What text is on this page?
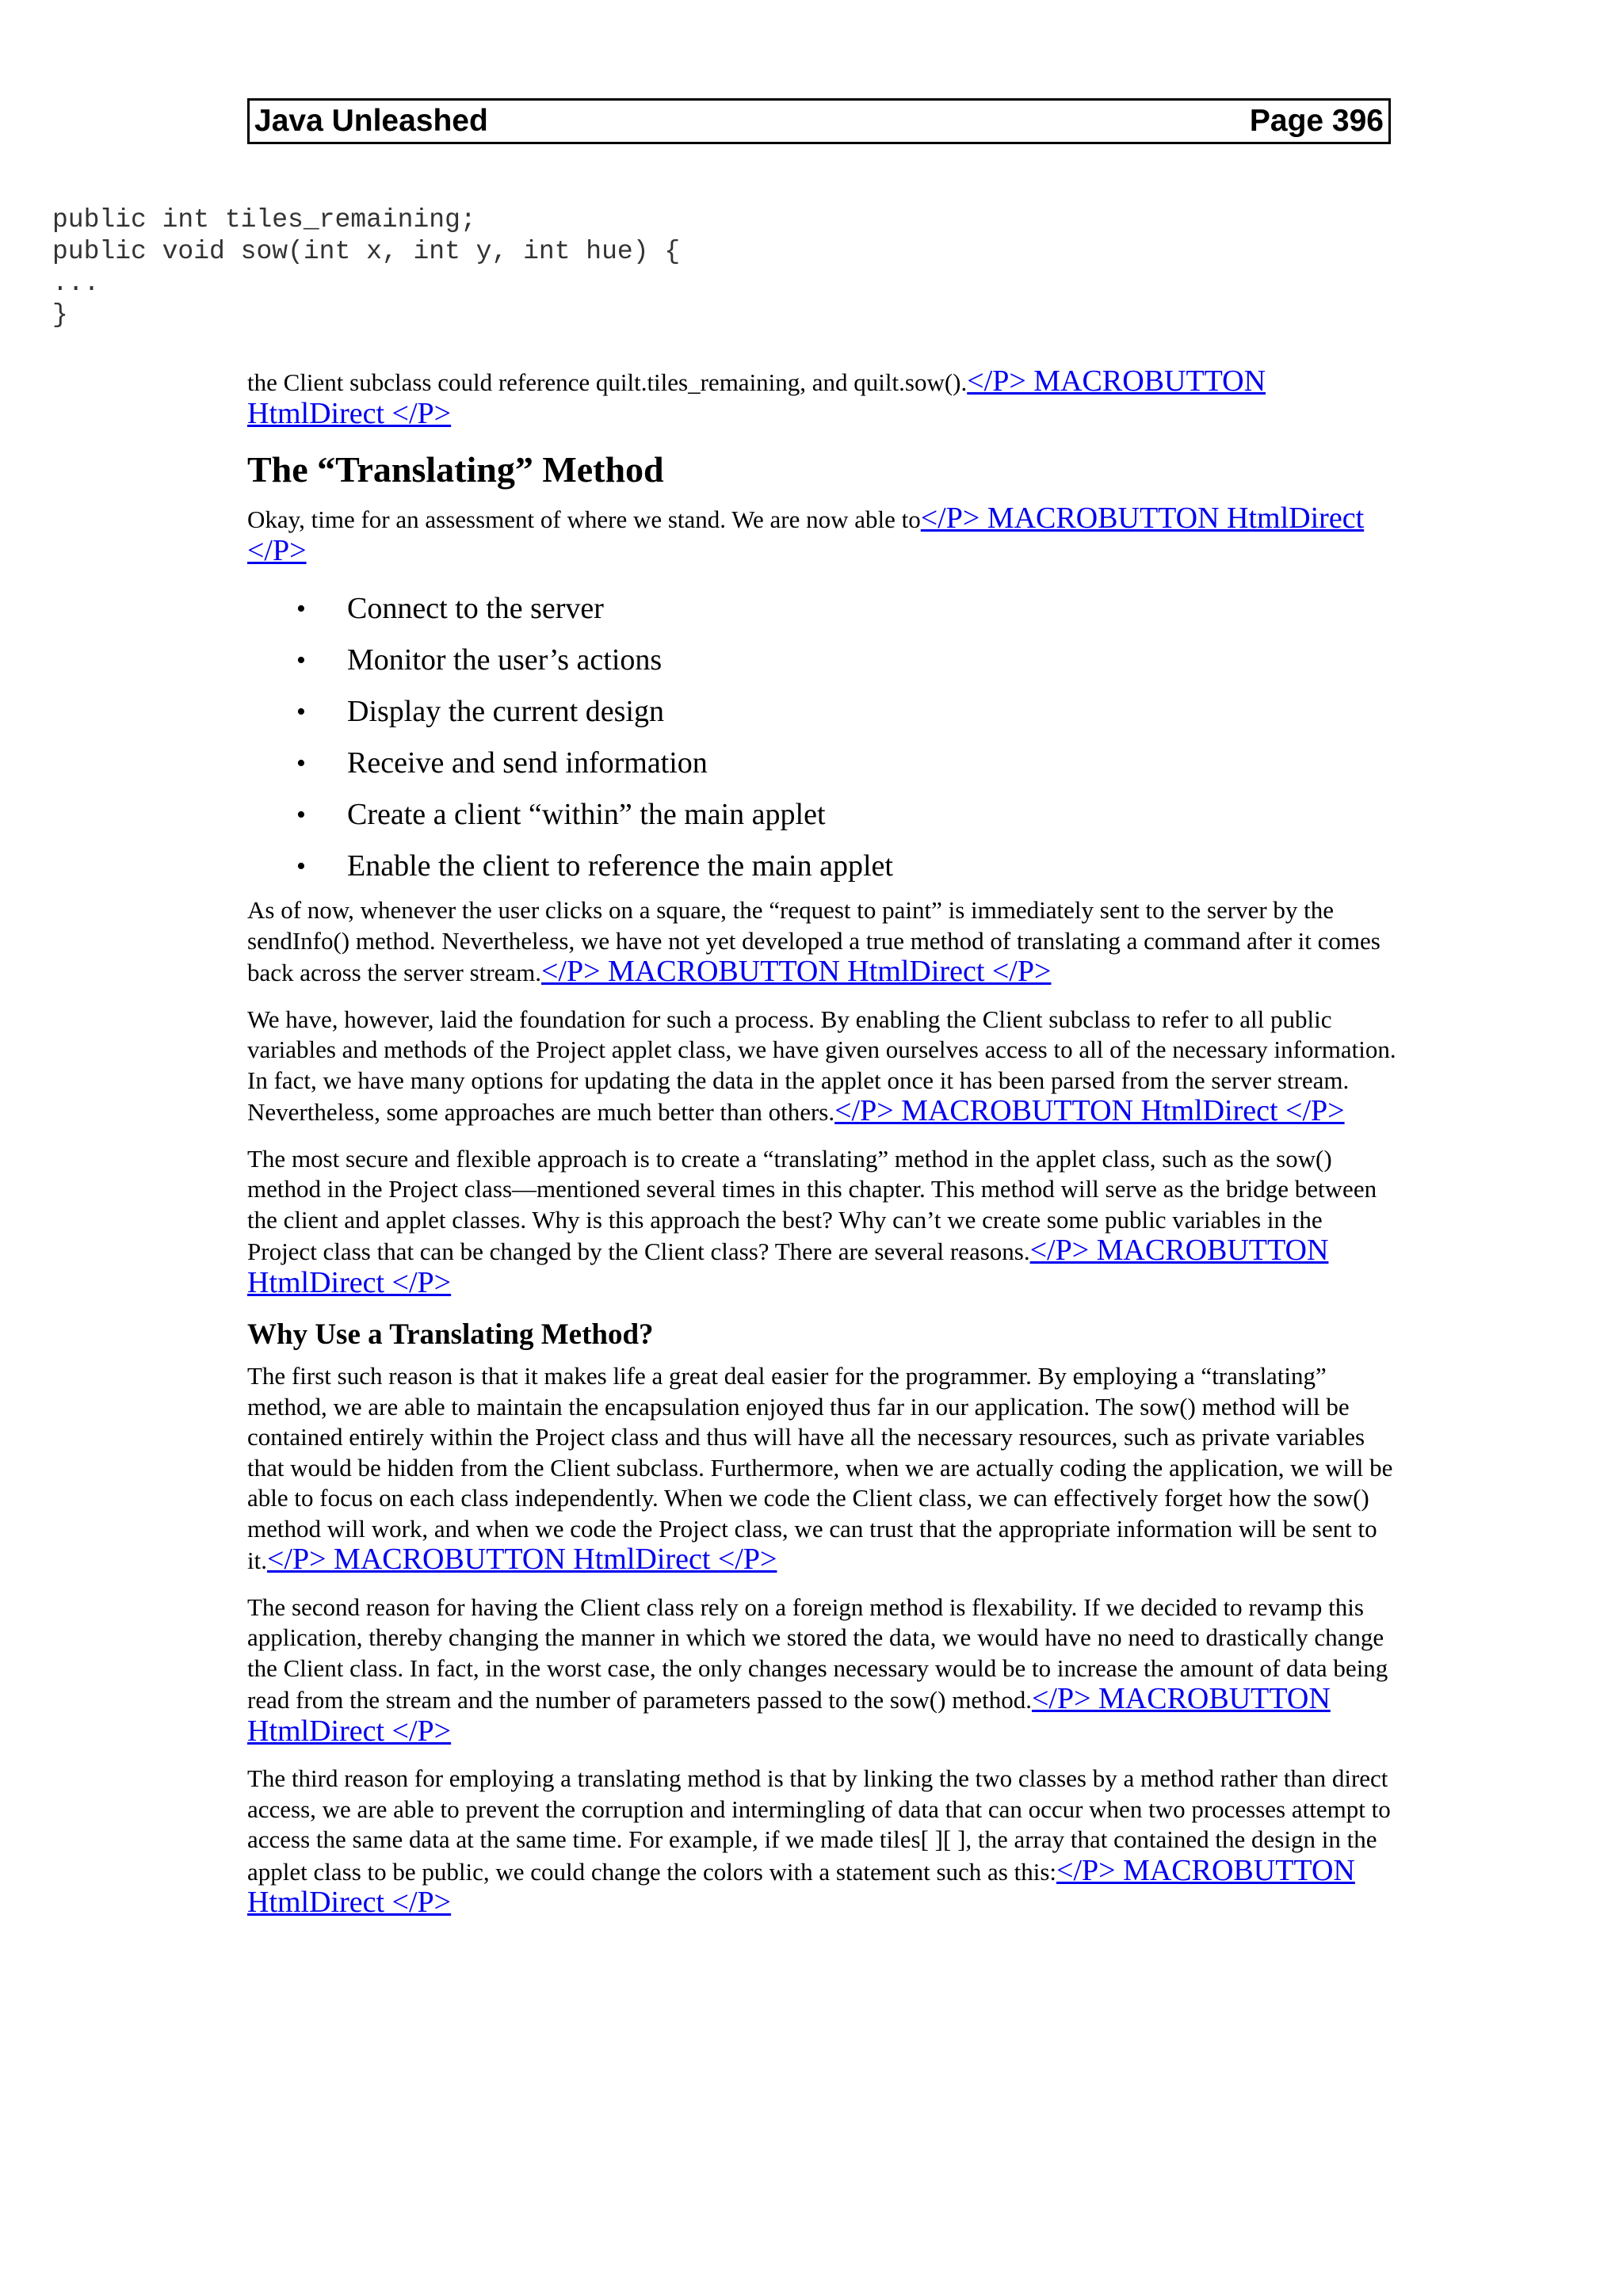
Java Unleashed	Page 396
public int tiles_remaining;
public void sow(int x, int y, int hue) {
...
}

the Client subclass could reference quilt.tiles_remaining, and quilt.sow().</P> MACROBUTTON HtmlDirect </P>

The “Translating” Method

Okay, time for an assessment of where we stand. We are now able to</P> MACROBUTTON HtmlDirect </P>

• Connect to the server
• Monitor the user’s actions
• Display the current design
• Receive and send information
• Create a client “within” the main applet
• Enable the client to reference the main applet

As of now, whenever the user clicks on a square, the “request to paint” is immediately sent to the server by the sendInfo() method. Nevertheless, we have not yet developed a true method of translating a command after it comes back across the server stream.</P> MACROBUTTON HtmlDirect </P>

We have, however, laid the foundation for such a process. By enabling the Client subclass to refer to all public variables and methods of the Project applet class, we have given ourselves access to all of the necessary information. In fact, we have many options for updating the data in the applet once it has been parsed from the server stream. Nevertheless, some approaches are much better than others.</P> MACROBUTTON HtmlDirect </P>

The most secure and flexible approach is to create a “translating” method in the applet class, such as the sow() method in the Project class—mentioned several times in this chapter. This method will serve as the bridge between the client and applet classes. Why is this approach the best? Why can’t we create some public variables in the Project class that can be changed by the Client class? There are several reasons.</P> MACROBUTTON HtmlDirect </P>

Why Use a Translating Method?

The first such reason is that it makes life a great deal easier for the programmer. By employing a “translating” method, we are able to maintain the encapsulation enjoyed thus far in our application. The sow() method will be contained entirely within the Project class and thus will have all the necessary resources, such as private variables that would be hidden from the Client subclass. Furthermore, when we are actually coding the application, we will be able to focus on each class independently. When we code the Client class, we can effectively forget how the sow() method will work, and when we code the Project class, we can trust that the appropriate information will be sent to it.</P> MACROBUTTON HtmlDirect </P>

The second reason for having the Client class rely on a foreign method is flexability. If we decided to revamp this application, thereby changing the manner in which we stored the data, we would have no need to drastically change the Client class. In fact, in the worst case, the only changes necessary would be to increase the amount of data being read from the stream and the number of parameters passed to the sow() method.</P> MACROBUTTON HtmlDirect </P>

The third reason for employing a translating method is that by linking the two classes by a method rather than direct access, we are able to prevent the corruption and intermingling of data that can occur when two processes attempt to access the same data at the same time. For example, if we made tiles[ ][ ], the array that contained the design in the applet class to be public, we could change the colors with a statement such as this:</P> MACROBUTTON HtmlDirect </P>
